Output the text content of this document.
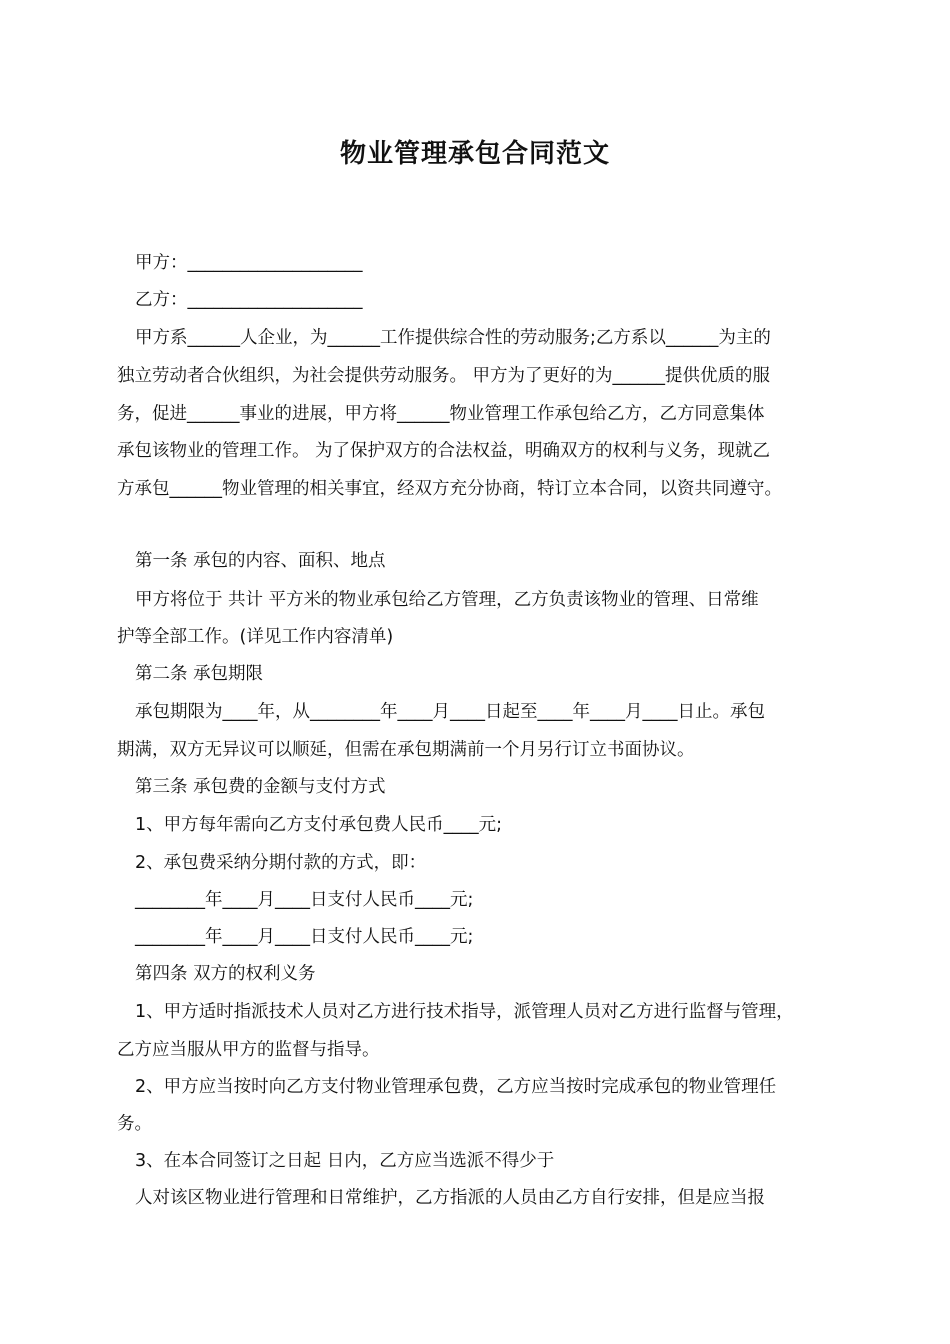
物业管理承包合同范文
甲方：____________________
乙方：____________________
甲方系______人企业，为______工作提供综合性的劳动服务;乙方系以______为主的
独立劳动者合伙组织，为社会提供劳动服务。 甲方为了更好的为______提供优质的服
务，促进______事业的进展，甲方将______物业管理工作承包给乙方，乙方同意集体
承包该物业的管理工作。 为了保护双方的合法权益，明确双方的权利与义务，现就乙
方承包______物业管理的相关事宜，经双方充分协商，特订立本合同，以资共同遵守。
第一条 承包的内容、面积、地点
甲方将位于 共计 平方米的物业承包给乙方管理，乙方负责该物业的管理、日常维
护等全部工作。(详见工作内容清单)
第二条 承包期限
承包期限为____年，从________年____月____日起至____年____月____日止。承包
期满，双方无异议可以顺延，但需在承包期满前一个月另行订立书面协议。
第三条 承包费的金额与支付方式
1、甲方每年需向乙方支付承包费人民币____元;
2、承包费采纳分期付款的方式，即：
________年____月____日支付人民币____元;
________年____月____日支付人民币____元;
第四条 双方的权利义务
1、甲方适时指派技术人员对乙方进行技术指导，派管理人员对乙方进行监督与管理，
乙方应当服从甲方的监督与指导。
2、甲方应当按时向乙方支付物业管理承包费，乙方应当按时完成承包的物业管理任
务。
3、在本合同签订之日起 日内，乙方应当选派不得少于
人对该区物业进行管理和日常维护，乙方指派的人员由乙方自行安排，但是应当报
